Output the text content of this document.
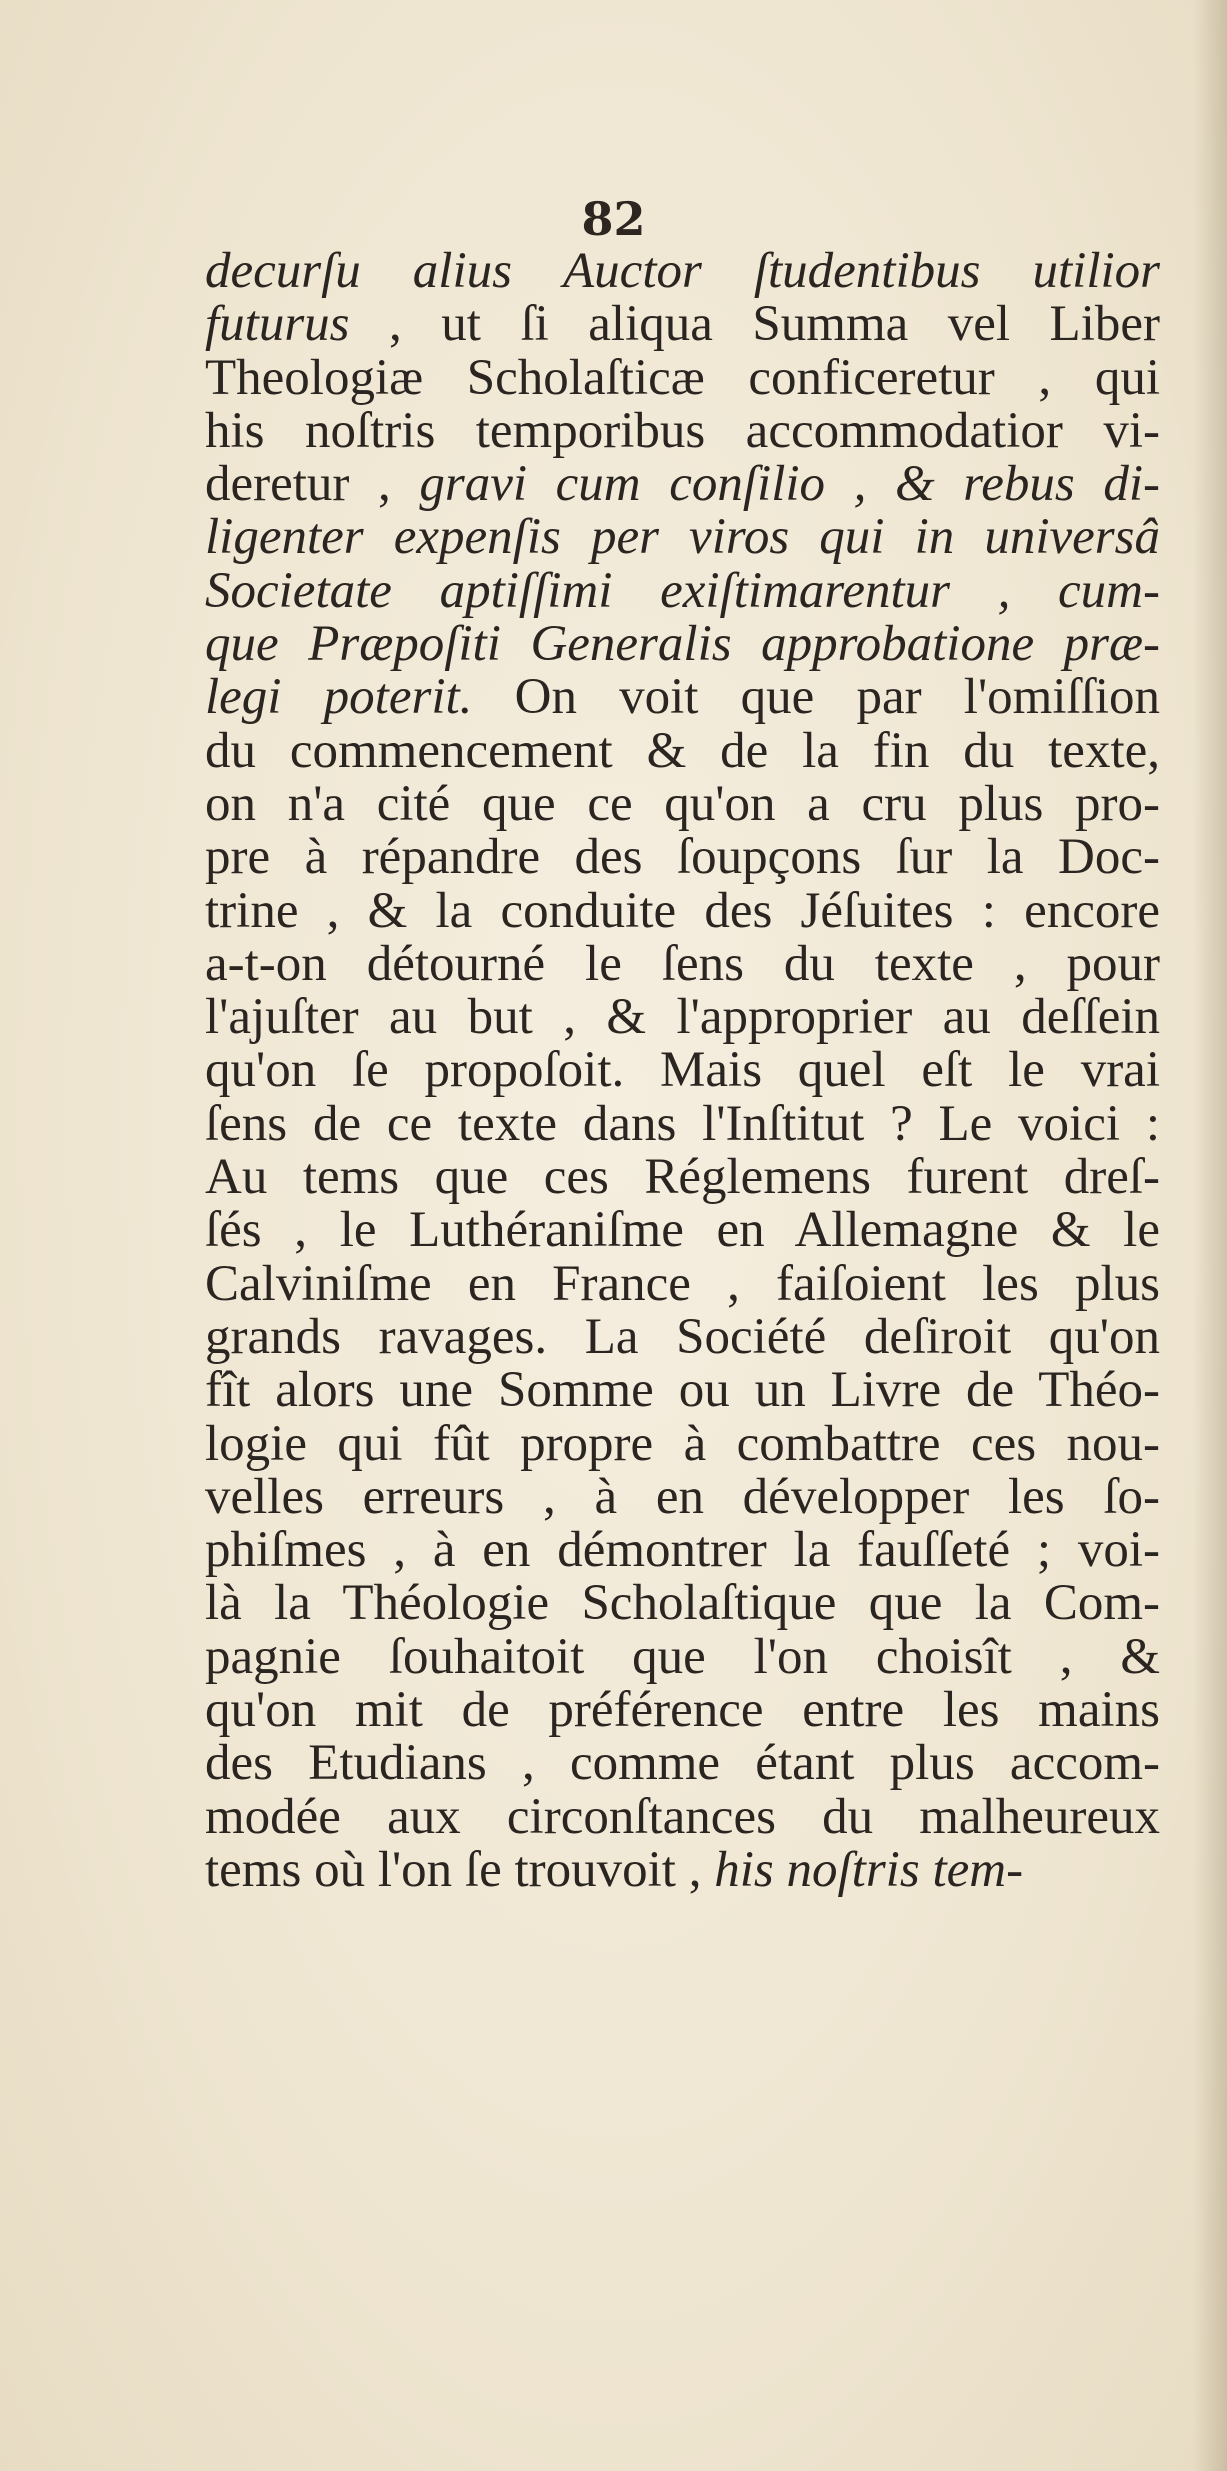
82
decurſu alius Auctor ſtudentibus utilior
futurus , ut ſi aliqua Summa vel Liber
Theologiæ Scholaſticæ conficeretur , qui
his noſtris temporibus accommodatior vi-
deretur , gravi cum conſilio , & rebus di-
ligenter expenſis per viros qui in universâ
Societate aptiſſimi exiſtimarentur , cum-
que Præpoſiti Generalis approbatione præ-
legi poterit. On voit que par l'omiſſion
du commencement & de la fin du texte,
on n'a cité que ce qu'on a cru plus pro-
pre à répandre des ſoupçons ſur la Doc-
trine , & la conduite des Jéſuites : encore
a-t-on détourné le ſens du texte , pour
l'ajuſter au but , & l'approprier au deſſein
qu'on ſe propoſoit. Mais quel eſt le vrai
ſens de ce texte dans l'Inſtitut ? Le voici :
Au tems que ces Réglemens furent dreſ-
ſés , le Luthéraniſme en Allemagne & le
Calviniſme en France , faiſoient les plus
grands ravages. La Société deſiroit qu'on
fît alors une Somme ou un Livre de Théo-
logie qui fût propre à combattre ces nou-
velles erreurs , à en développer les ſo-
phiſmes , à en démontrer la fauſſeté ; voi-
là la Théologie Scholaſtique que la Com-
pagnie ſouhaitoit que l'on choisît , &
qu'on mit de préférence entre les mains
des Etudians , comme étant plus accom-
modée aux circonſtances du malheureux
tems où l'on ſe trouvoit , his noſtris tem-
